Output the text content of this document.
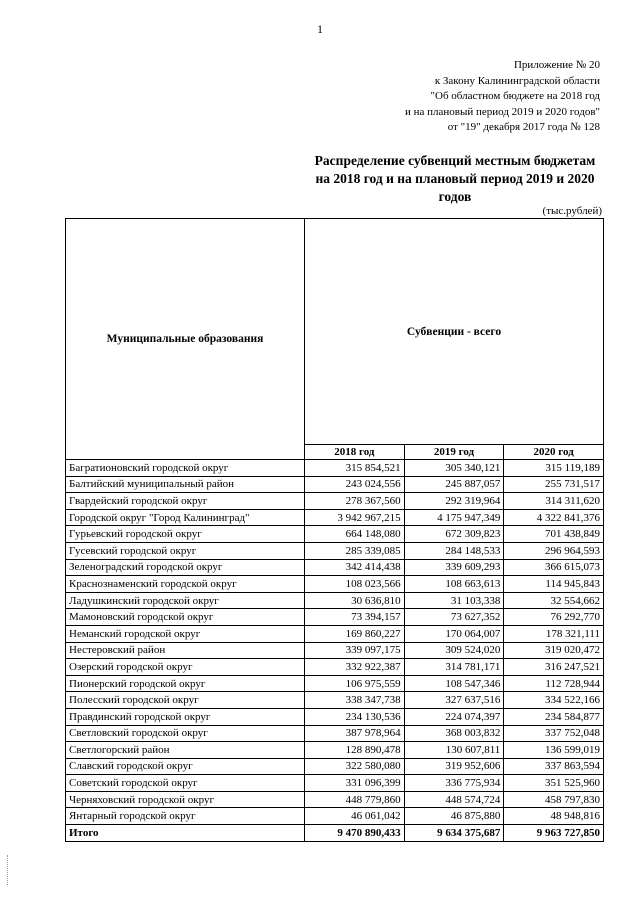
1
Приложение № 20
к Закону Калининградской области
"Об областном бюджете на 2018 год
и на плановый период 2019 и 2020 годов"
от "19" декабря 2017 года № 128
Распределение субвенций местным бюджетам
на 2018 год и на плановый период 2019 и 2020
годов
(тыс.рублей)
Муниципальные образования	Субвенции - всего		
	2018 год	2019 год	2020 год
Багратионовский городской округ	315 854,521	305 340,121	315 119,189
Балтийский муниципальный район	243 024,556	245 887,057	255 731,517
Гвардейский городской округ	278 367,560	292 319,964	314 311,620
Городской округ "Город Калининград"	3 942 967,215	4 175 947,349	4 322 841,376
Гурьевский городской округ	664 148,080	672 309,823	701 438,849
Гусевский городской округ	285 339,085	284 148,533	296 964,593
Зеленоградский городской округ	342 414,438	339 609,293	366 615,073
Краснознаменский городской округ	108 023,566	108 663,613	114 945,843
Ладушкинский городской округ	30 636,810	31 103,338	32 554,662
Мамоновский городской округ	73 394,157	73 627,352	76 292,770
Неманский городской округ	169 860,227	170 064,007	178 321,111
Нестеровский район	339 097,175	309 524,020	319 020,472
Озерский городской округ	332 922,387	314 781,171	316 247,521
Пионерский городской округ	106 975,559	108 547,346	112 728,944
Полесский городской округ	338 347,738	327 637,516	334 522,166
Правдинский городской округ	234 130,536	224 074,397	234 584,877
Светловский городской округ	387 978,964	368 003,832	337 752,048
Светлогорский район	128 890,478	130 607,811	136 599,019
Славский городской округ	322 580,080	319 952,606	337 863,594
Советский городской округ	331 096,399	336 775,934	351 525,960
Черняховский городской округ	448 779,860	448 574,724	458 797,830
Янтарный городской округ	46 061,042	46 875,880	48 948,816
Итого	9 470 890,433	9 634 375,687	9 963 727,850
